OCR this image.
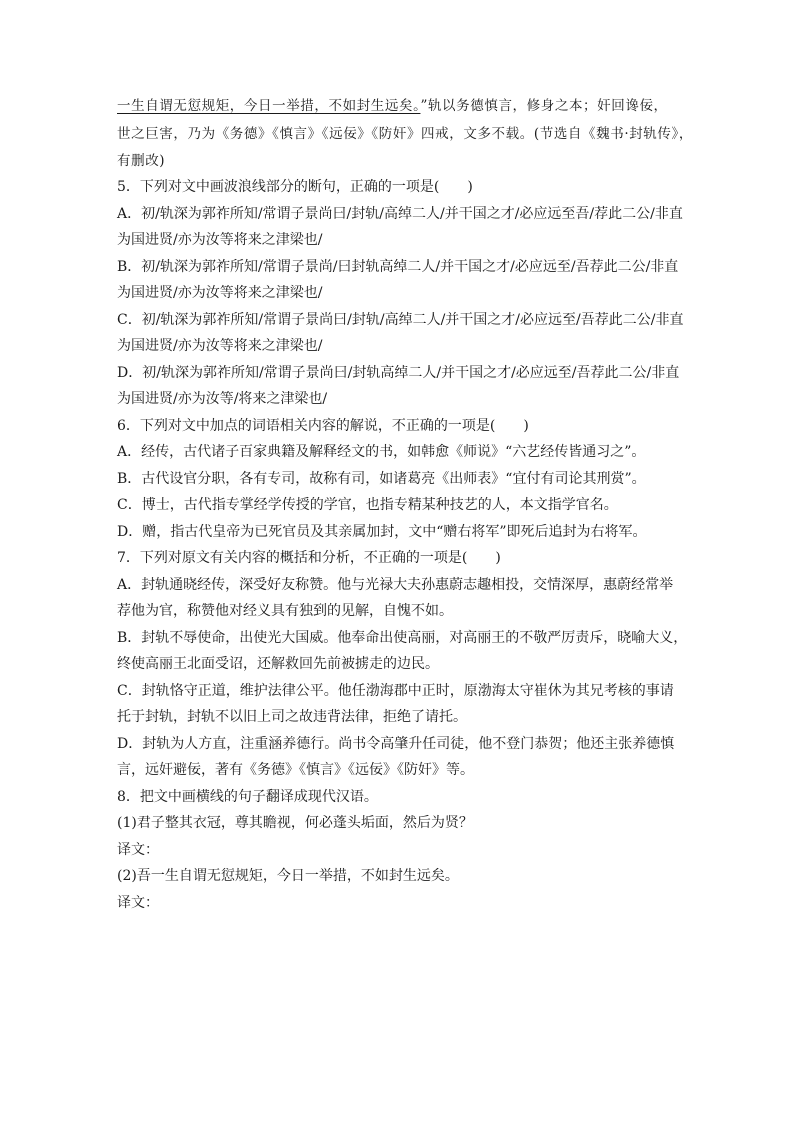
一生自谓无愆规矩，今日一举措，不如封生远矣。”轨以务德慎言，修身之本；奸回谗佞，
世之巨害，乃为《务德》《慎言》《远佞》《防奸》四戒，文多不载。(节选自《魏书·封轨传》，
有删改)
5．下列对文中画波浪线部分的断句，正确的一项是(　　)
A．初/轨深为郭祚所知/常谓子景尚曰/封轨/高绰二人/并干国之才/必应远至吾/荐此二公/非直
为国进贤/亦为汝等将来之津梁也/
B．初/轨深为郭祚所知/常谓子景尚/曰封轨高绰二人/并干国之才/必应远至/吾荐此二公/非直
为国进贤/亦为汝等将来之津梁也/
C．初/轨深为郭祚所知/常谓子景尚曰/封轨/高绰二人/并干国之才/必应远至/吾荐此二公/非直
为国进贤/亦为汝等将来之津梁也/
D．初/轨深为郭祚所知/常谓子景尚曰/封轨高绰二人/并干国之才/必应远至/吾荐此二公/非直
为国进贤/亦为汝等/将来之津梁也/
6．下列对文中加点的词语相关内容的解说，不正确的一项是(　　)
A．经传，古代诸子百家典籍及解释经文的书，如韩愈《师说》“六艺经传皆通习之”。
B．古代设官分职，各有专司，故称有司，如诸葛亮《出师表》“宜付有司论其刑赏”。
C．博士，古代指专掌经学传授的学官，也指专精某种技艺的人，本文指学官名。
D．赠，指古代皇帝为已死官员及其亲属加封，文中“赠右将军”即死后追封为右将军。
7．下列对原文有关内容的概括和分析，不正确的一项是(　　)
A．封轨通晓经传，深受好友称赞。他与光禄大夫孙惠蔚志趣相投，交情深厚，惠蔚经常举
荐他为官，称赞他对经义具有独到的见解，自愧不如。
B．封轨不辱使命，出使光大国威。他奉命出使高丽，对高丽王的不敬严厉责斥，晓喻大义，
终使高丽王北面受诏，还解救回先前被掳走的边民。
C．封轨恪守正道，维护法律公平。他任渤海郡中正时，原渤海太守崔休为其兄考核的事请
托于封轨，封轨不以旧上司之故违背法律，拒绝了请托。
D．封轨为人方直，注重涵养德行。尚书令高肇升任司徒，他不登门恭贺；他还主张养德慎
言，远奸避佞，著有《务德》《慎言》《远佞》《防奸》等。
8．把文中画横线的句子翻译成现代汉语。
(1)君子整其衣冠，尊其瞻视，何必蓬头垢面，然后为贤？
译文：
(2)吾一生自谓无愆规矩，今日一举措，不如封生远矣。
译文：
